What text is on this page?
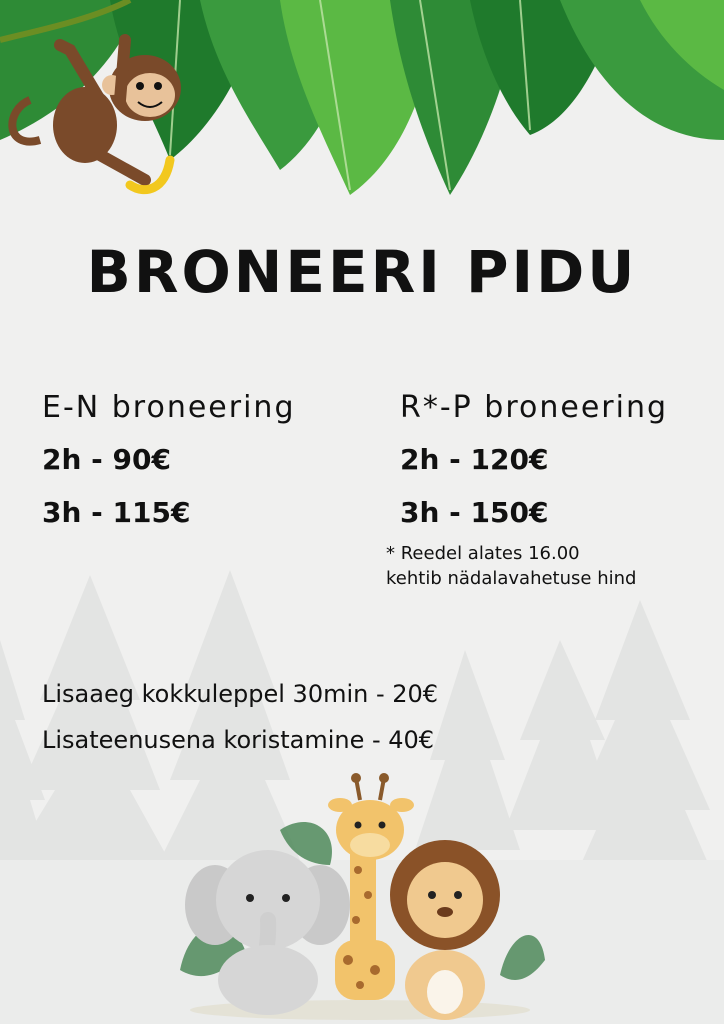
BRONEERI PIDU

E-N broneering

2h - 90€

3h - 115€

R*-P broneering

2h - 120€

3h - 150€

* Reedel alates 16.00
kehtib nädalavahetuse hind

Lisaaeg kokkuleppel 30min - 20€

Lisateenusena koristamine - 40€
